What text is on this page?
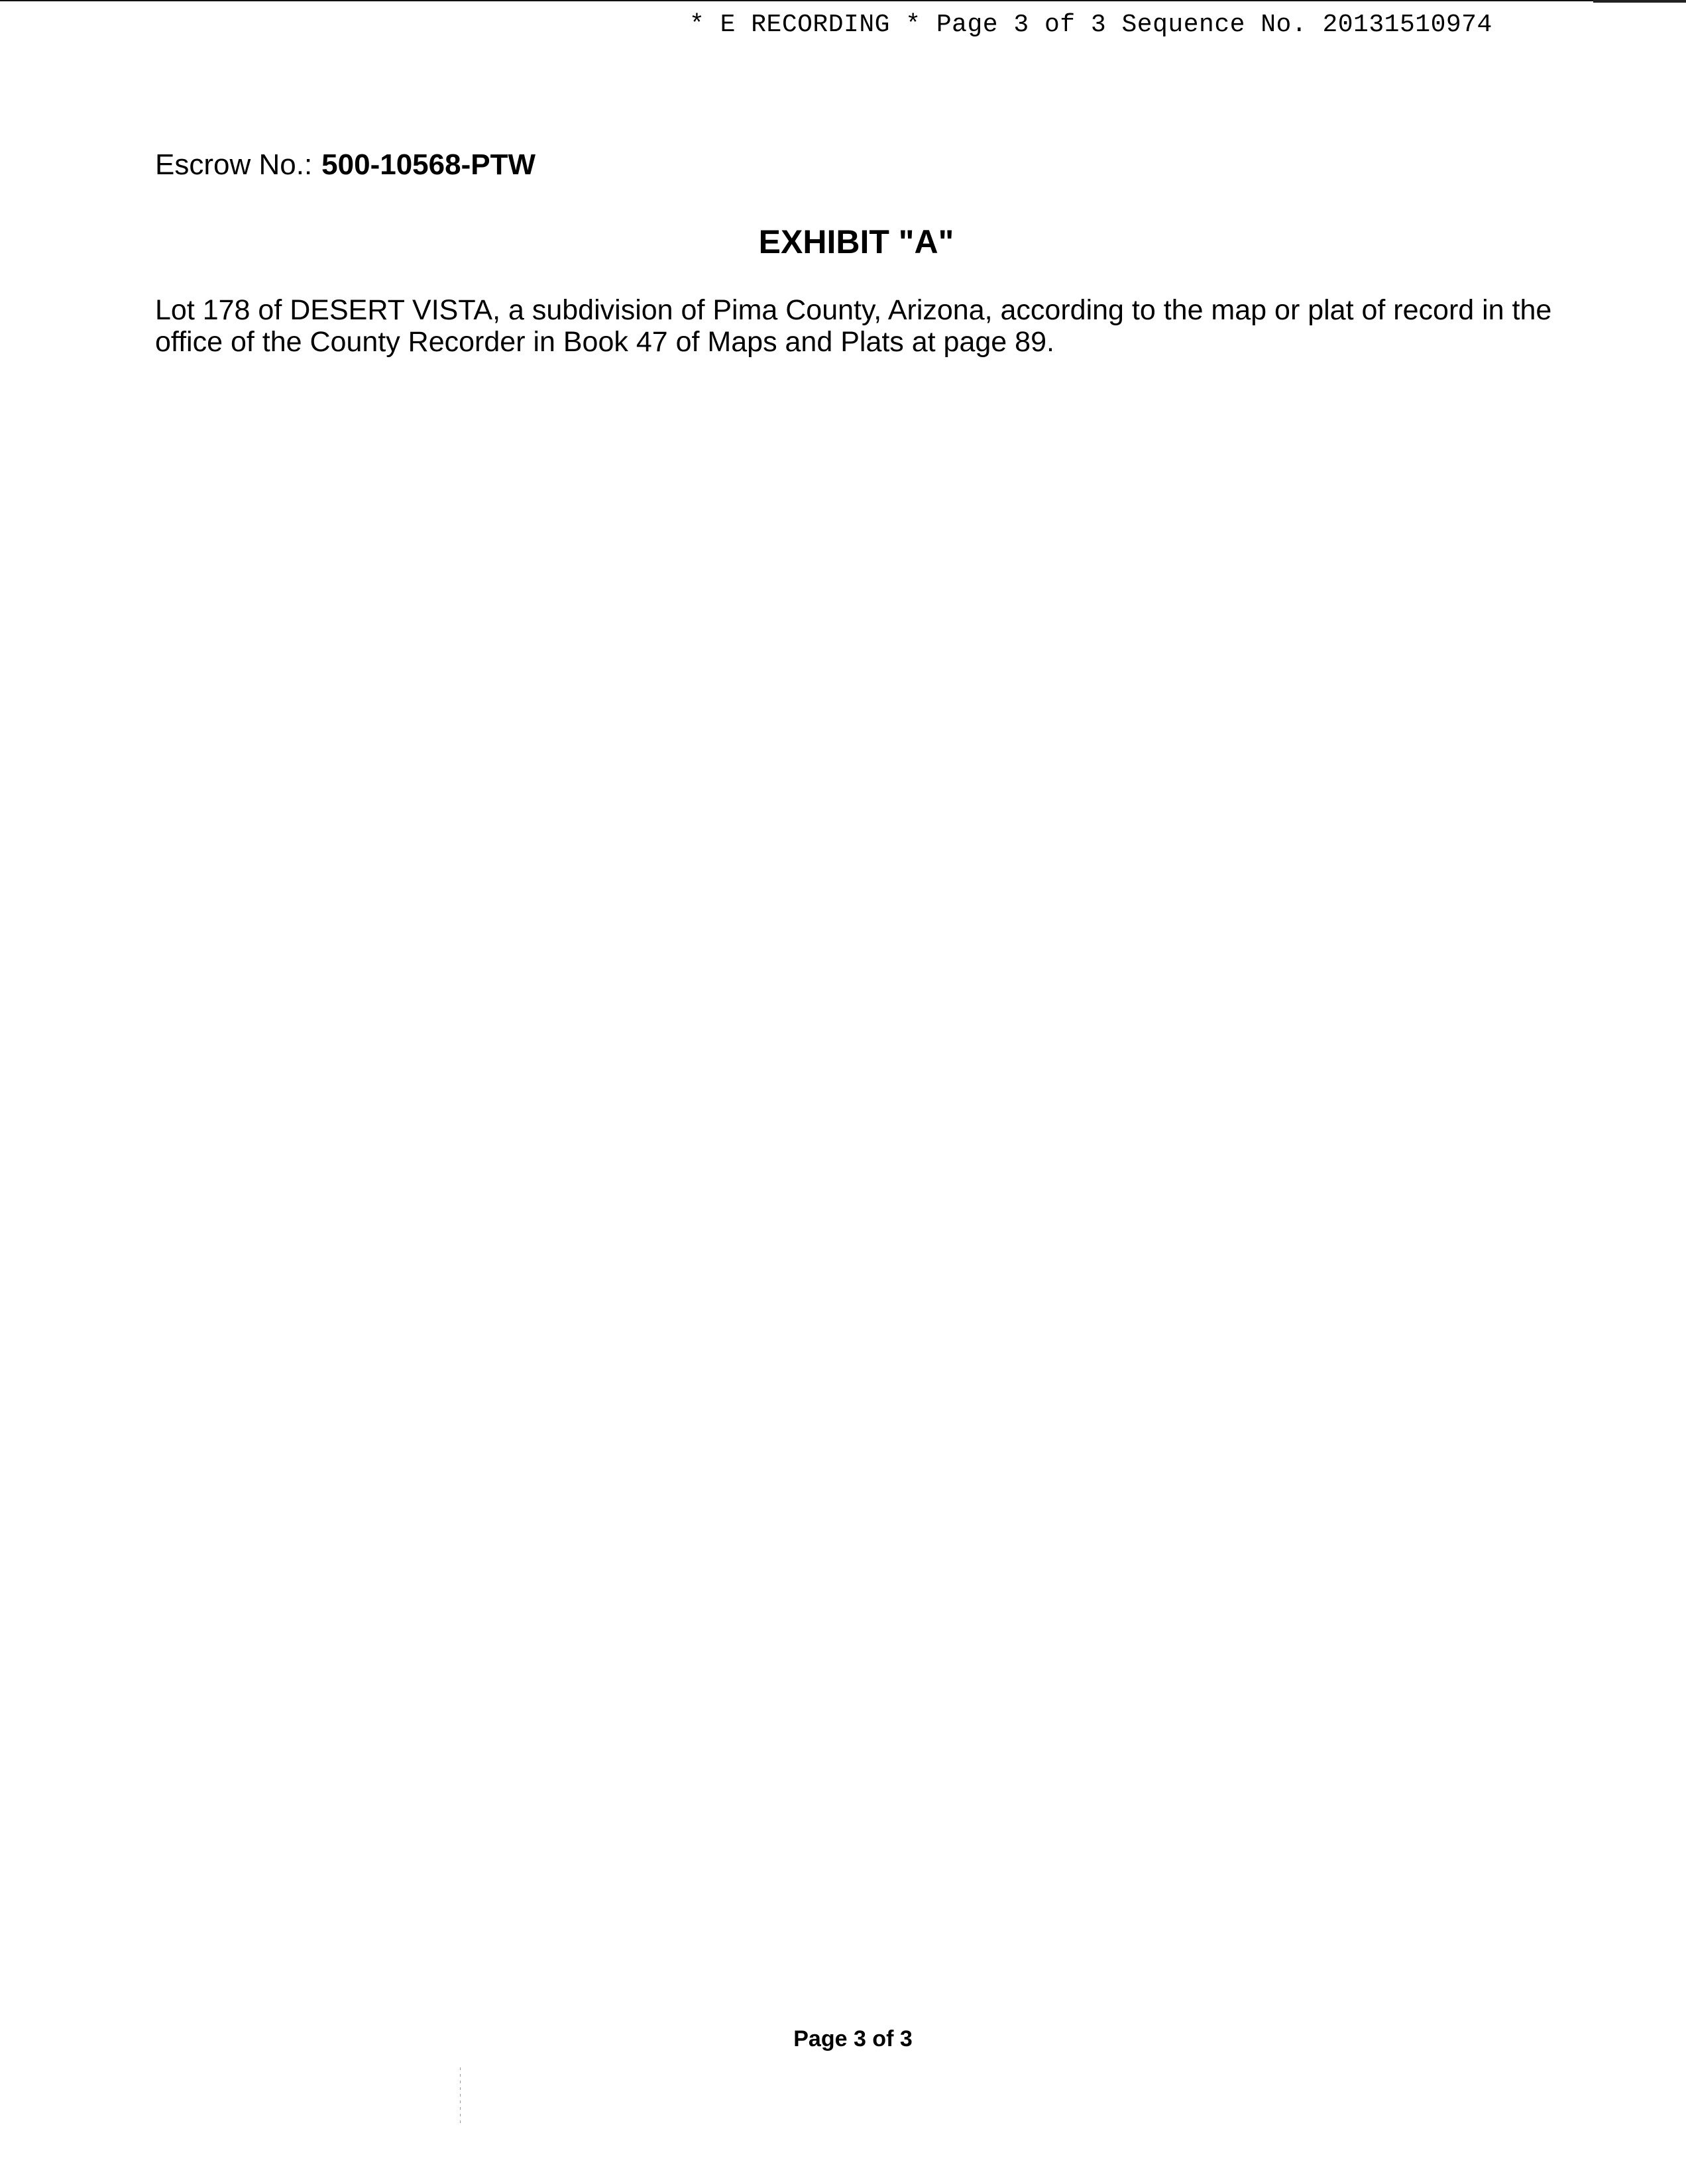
* E RECORDING * Page 3 of 3 Sequence No. 20131510974
Escrow No.: 500-10568-PTW
EXHIBIT "A"
Lot 178 of DESERT VISTA, a subdivision of Pima County, Arizona, according to the map or plat of record in the
office of the County Recorder in Book 47 of Maps and Plats at page 89.
Page 3 of 3
